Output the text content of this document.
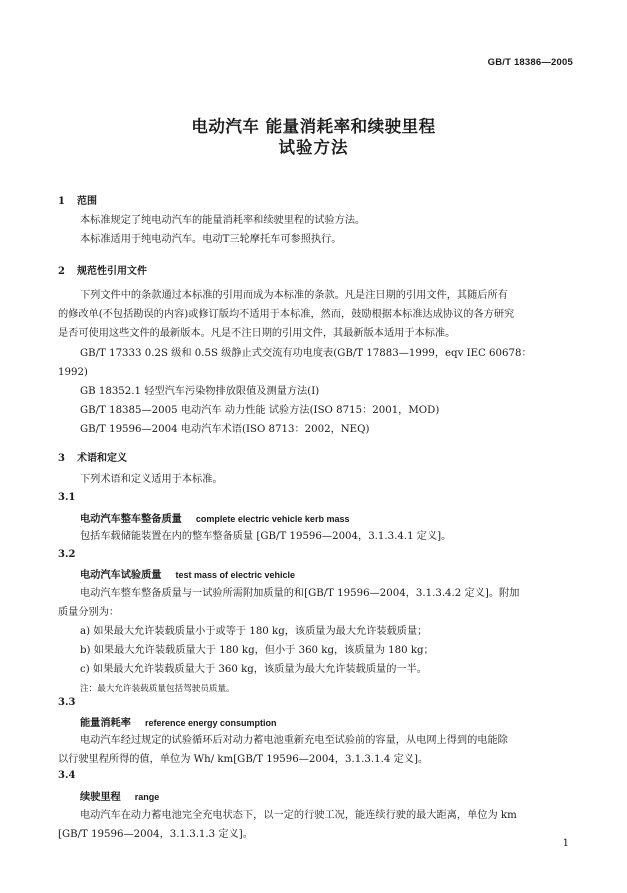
GB/T 18386—2005
电动汽车 能量消耗率和续驶里程
试验方法
1 范围
本标准规定了纯电动汽车的能量消耗率和续驶里程的试验方法。
本标准适用于纯电动汽车。电动T三轮摩托车可参照执行。
2 规范性引用文件
下列文件中的条款通过本标准的引用而成为本标准的条款。凡是注日期的引用文件，其随后所有
的修改单(不包括勘误的内容)或修订版均不适用于本标准，然而，鼓励根据本标准达成协议的各方研究
是否可使用这些文件的最新版本。凡是不注日期的引用文件，其最新版本适用于本标准。
GB/T 17333 0.2S 级和 0.5S 级静止式交流有功电度表(GB/T 17883—1999，eqv IEC 60678：
1992)
GB 18352.1 轻型汽车污染物排放限值及测量方法(Ⅰ)
GB/T 18385—2005 电动汽车 动力性能 试验方法(ISO 8715：2001，MOD)
GB/T 19596—2004 电动汽车术语(ISO 8713：2002，NEQ)
3 术语和定义
下列术语和定义适用于本标准。
3.1
电动汽车整车整备质量 complete electric vehicle kerb mass
包括车载储能装置在内的整车整备质量 [GB/T 19596—2004，3.1.3.4.1 定义]。
3.2
电动汽车试验质量 test mass of electric vehicle
电动汽车整车整备质量与一试验所需附加质量的和[GB/T 19596—2004，3.1.3.4.2 定义]。附加
质量分别为：
a) 如果最大允许装载质量小于或等于 180 kg，该质量为最大允许装载质量；
b) 如果最大允许装载质量大于 180 kg，但小于 360 kg，该质量为 180 kg；
c) 如果最大允许装载质量大于 360 kg，该质量为最大允许装载质量的一半。
注：最大允许装载质量包括驾驶员质量。
3.3
能量消耗率 reference energy consumption
电动汽车经过规定的试验循环后对动力蓄电池重新充电至试验前的容量，从电网上得到的电能除
以行驶里程所得的值，单位为 Wh/ km[GB/T 19596—2004，3.1.3.1.4 定义]。
3.4
续驶里程 range
电动汽车在动力蓄电池完全充电状态下，以一定的行驶工况，能连续行驶的最大距离，单位为 km
[GB/T 19596—2004，3.1.3.1.3 定义]。
1
